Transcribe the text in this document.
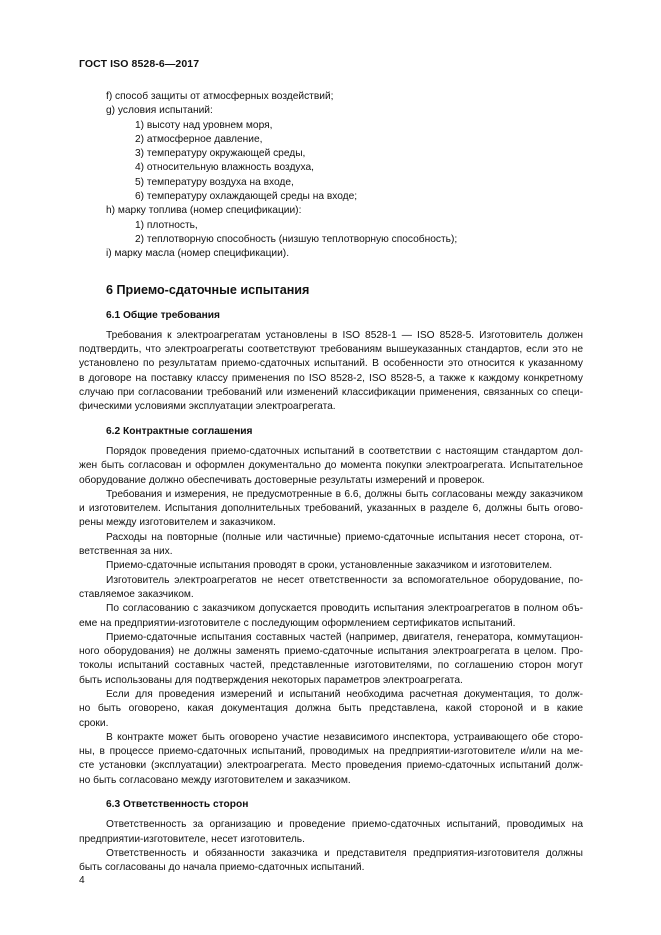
ГОСТ ISO 8528-6—2017
f) способ защиты от атмосферных воздействий;
g) условия испытаний:
1) высоту над уровнем моря,
2) атмосферное давление,
3) температуру окружающей среды,
4) относительную влажность воздуха,
5) температуру воздуха на входе,
6) температуру охлаждающей среды на входе;
h) марку топлива (номер спецификации):
1) плотность,
2) теплотворную способность (низшую теплотворную способность);
i) марку масла (номер спецификации).
6 Приемо-сдаточные испытания
6.1 Общие требования
Требования к электроагрегатам установлены в ISO 8528-1 — ISO 8528-5. Изготовитель должен
подтвердить, что электроагрегаты соответствуют требованиям вышеуказанных стандартов, если это не
установлено по результатам приемо-сдаточных испытаний. В особенности это относится к указанному
в договоре на поставку классу применения по ISO 8528-2, ISO 8528-5, а также к каждому конкретному
случаю при согласовании требований или изменений классификации применения, связанных со специ-
фическими условиями эксплуатации электроагрегата.
6.2 Контрактные соглашения
Порядок проведения приемо-сдаточных испытаний в соответствии с настоящим стандартом дол-
жен быть согласован и оформлен документально до момента покупки электроагрегата. Испытательное
оборудование должно обеспечивать достоверные результаты измерений и проверок.
Требования и измерения, не предусмотренные в 6.6, должны быть согласованы между заказчиком
и изготовителем. Испытания дополнительных требований, указанных в разделе 6, должны быть огово-
рены между изготовителем и заказчиком.
Расходы на повторные (полные или частичные) приемо-сдаточные испытания несет сторона, от-
ветственная за них.
Приемо-сдаточные испытания проводят в сроки, установленные заказчиком и изготовителем.
Изготовитель электроагрегатов не несет ответственности за вспомогательное оборудование, по-
ставляемое заказчиком.
По согласованию с заказчиком допускается проводить испытания электроагрегатов в полном объ-
еме на предприятии-изготовителе с последующим оформлением сертификатов испытаний.
Приемо-сдаточные испытания составных частей (например, двигателя, генератора, коммутацион-
ного оборудования) не должны заменять приемо-сдаточные испытания электроагрегата в целом. Про-
токолы испытаний составных частей, представленные изготовителями, по соглашению сторон могут
быть использованы для подтверждения некоторых параметров электроагрегата.
Если для проведения измерений и испытаний необходима расчетная документация, то долж-
но быть оговорено, какая документация должна быть представлена, какой стороной и в какие
сроки.
В контракте может быть оговорено участие независимого инспектора, устраивающего обе сторо-
ны, в процессе приемо-сдаточных испытаний, проводимых на предприятии-изготовителе и/или на ме-
сте установки (эксплуатации) электроагрегата. Место проведения приемо-сдаточных испытаний долж-
но быть согласовано между изготовителем и заказчиком.
6.3 Ответственность сторон
Ответственность за организацию и проведение приемо-сдаточных испытаний, проводимых на
предприятии-изготовителе, несет изготовитель.
Ответственность и обязанности заказчика и представителя предприятия-изготовителя должны
быть согласованы до начала приемо-сдаточных испытаний.
4
